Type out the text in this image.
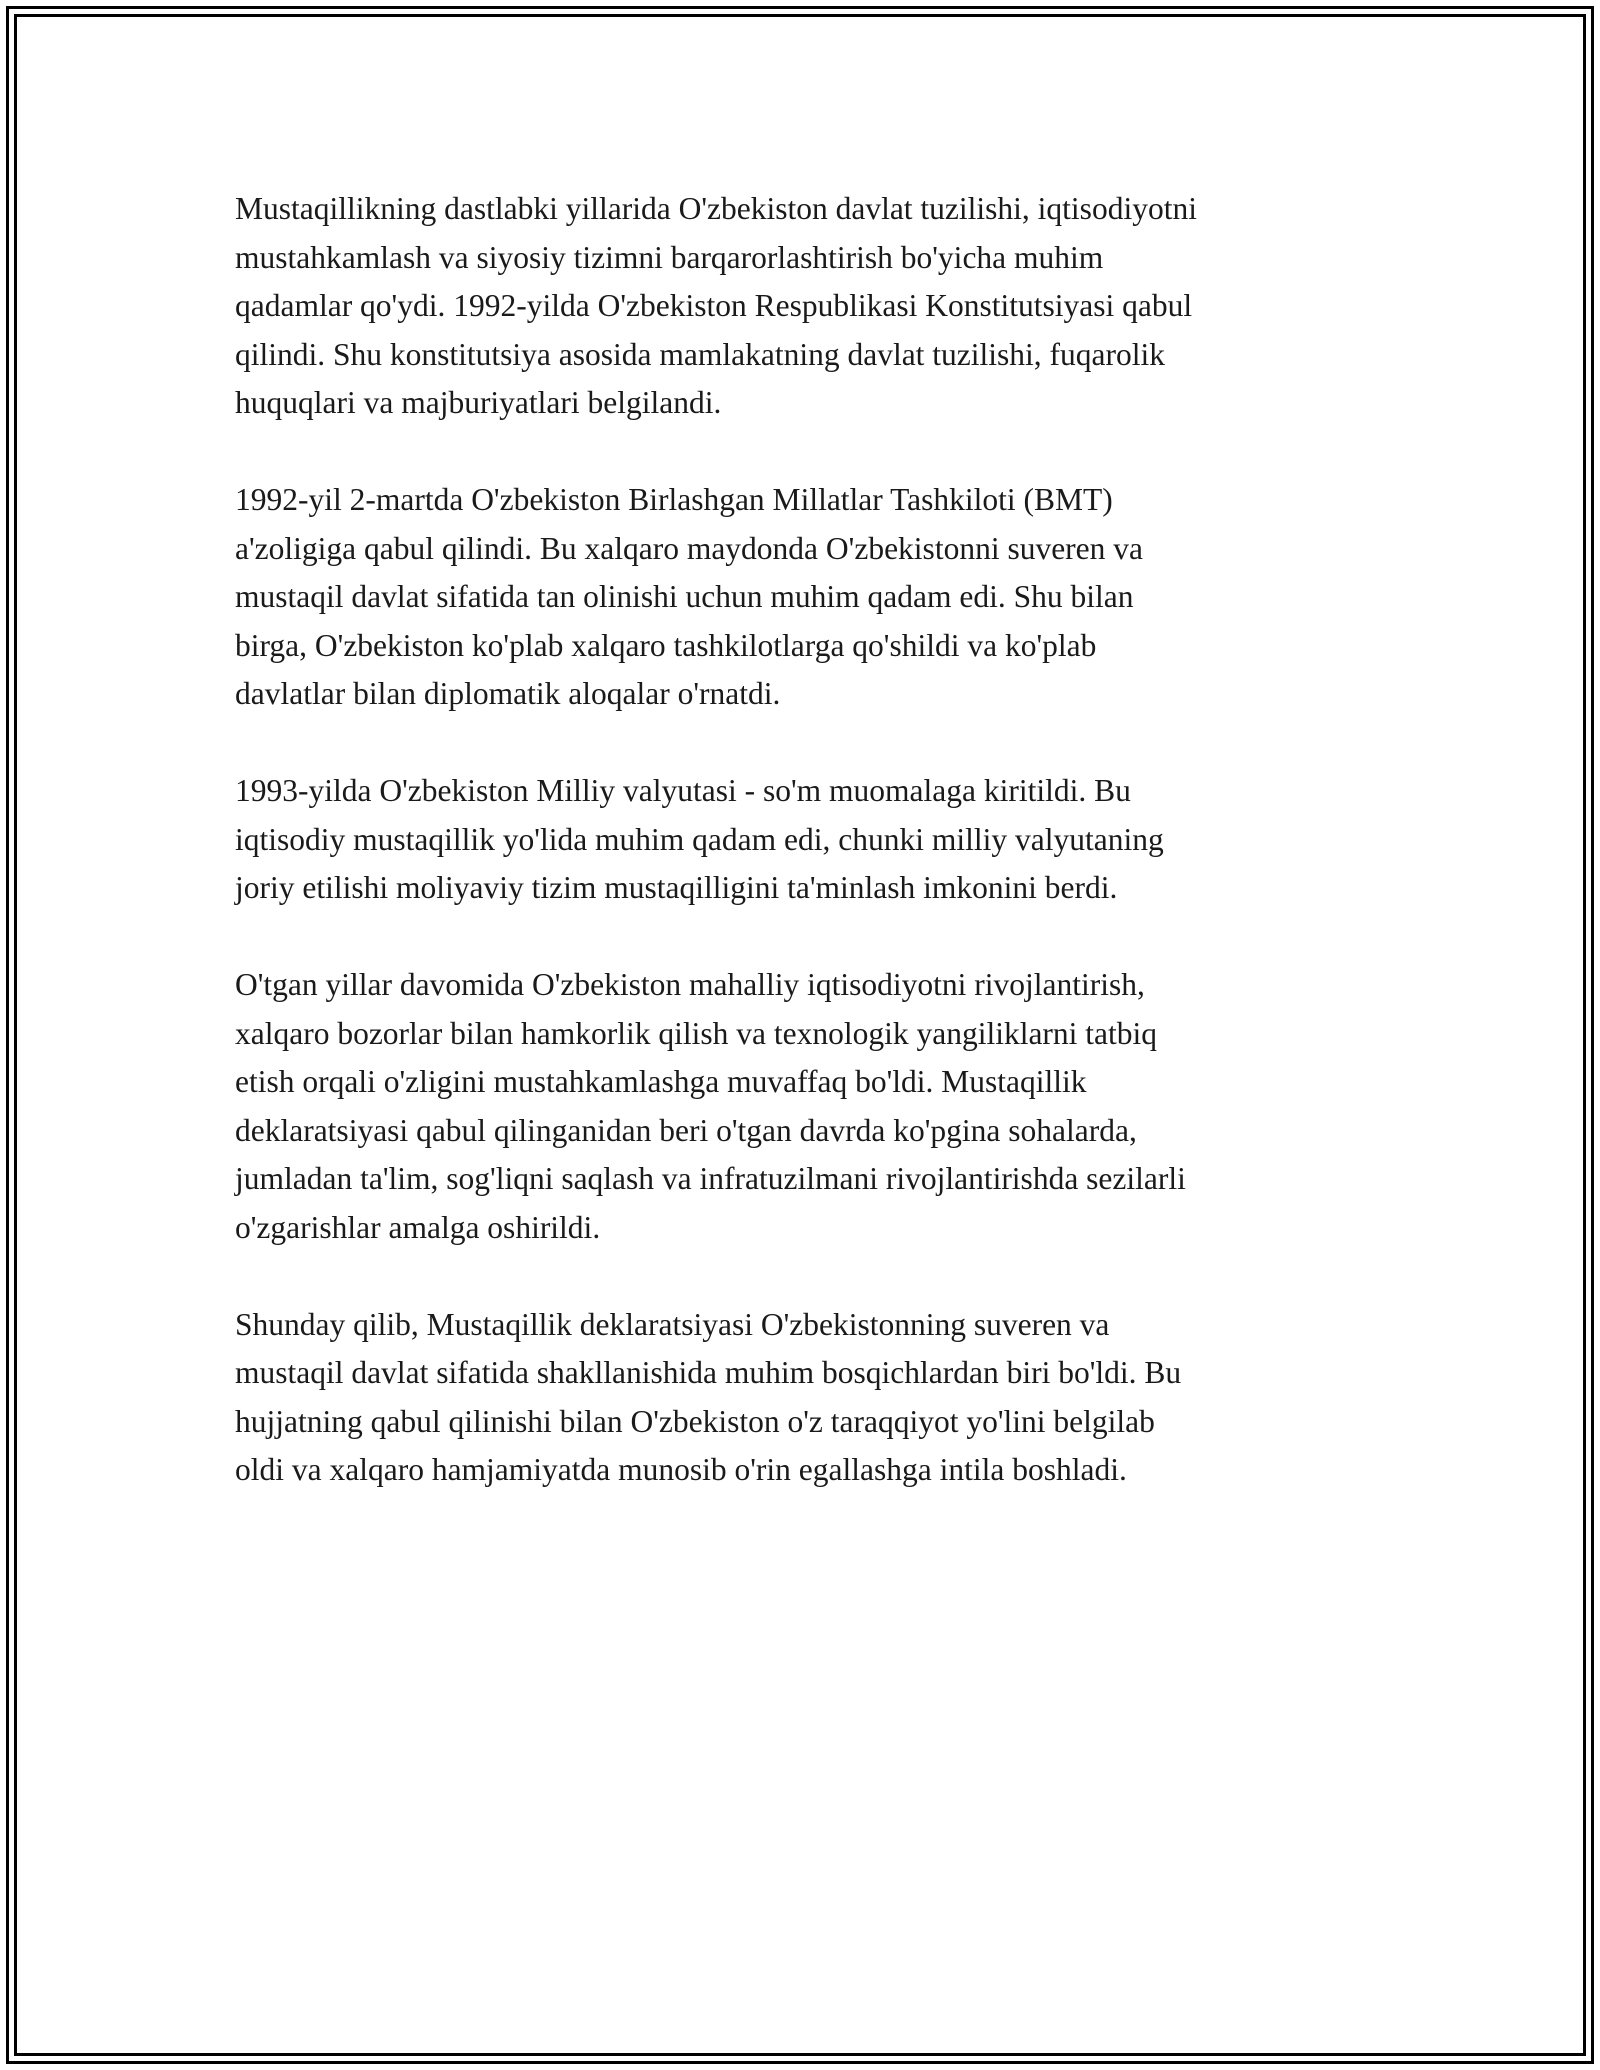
Mustaqillikning dastlabki yillarida O'zbekiston davlat tuzilishi, iqtisodiyotni
mustahkamlash va siyosiy tizimni barqarorlashtirish bo'yicha muhim
qadamlar qo'ydi. 1992-yilda O'zbekiston Respublikasi Konstitutsiyasi qabul
qilindi. Shu konstitutsiya asosida mamlakatning davlat tuzilishi, fuqarolik
huquqlari va majburiyatlari belgilandi.

1992-yil 2-martda O'zbekiston Birlashgan Millatlar Tashkiloti (BMT)
a'zoligiga qabul qilindi. Bu xalqaro maydonda O'zbekistonni suveren va
mustaqil davlat sifatida tan olinishi uchun muhim qadam edi. Shu bilan
birga, O'zbekiston ko'plab xalqaro tashkilotlarga qo'shildi va ko'plab
davlatlar bilan diplomatik aloqalar o'rnatdi.

1993-yilda O'zbekiston Milliy valyutasi - so'm muomalaga kiritildi. Bu
iqtisodiy mustaqillik yo'lida muhim qadam edi, chunki milliy valyutaning
joriy etilishi moliyaviy tizim mustaqilligini ta'minlash imkonini berdi.

O'tgan yillar davomida O'zbekiston mahalliy iqtisodiyotni rivojlantirish,
xalqaro bozorlar bilan hamkorlik qilish va texnologik yangiliklarni tatbiq
etish orqali o'zligini mustahkamlashga muvaffaq bo'ldi. Mustaqillik
deklaratsiyasi qabul qilinganidan beri o'tgan davrda ko'pgina sohalarda,
jumladan ta'lim, sog'liqni saqlash va infratuzilmani rivojlantirishda sezilarli
o'zgarishlar amalga oshirildi.

Shunday qilib, Mustaqillik deklaratsiyasi O'zbekistonning suveren va
mustaqil davlat sifatida shakllanishida muhim bosqichlardan biri bo'ldi. Bu
hujjatning qabul qilinishi bilan O'zbekiston o'z taraqqiyot yo'lini belgilab
oldi va xalqaro hamjamiyatda munosib o'rin egallashga intila boshladi.
